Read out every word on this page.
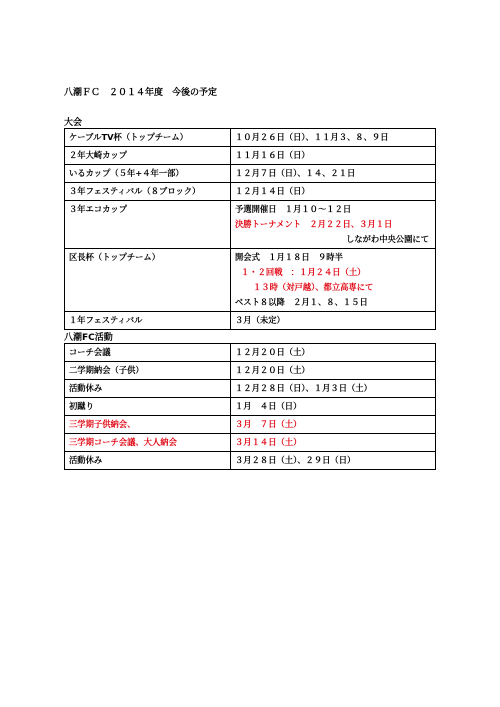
八潮ＦＣ　２０１４年度　今後の予定
大会
ケーブルTV杯（トップチーム）	１０月２６日（日）、１１月３、８、９日
２年大崎カップ	１１月１６日（日）
いるカップ（５年+４年一部）	１２月７日（日）、１４、２１日
３年フェスティバル（８ブロック）	１２月１４日（日）
３年エコカップ	予選開催日　１月１０～１２日
決勝トーナメント　２月２２日、３月１日
しながわ中央公園にて

区長杯（トップチーム）	開会式　１月１８日　９時半
１・２回戦　：１月２４日（土）
１３時（対戸越）、都立高専にて
ベスト８以降　２月１、８、１５日

１年フェスティバル	３月（未定）
八潮FC活動
コーチ会議	１２月２０日（土）
二学期納会（子供）	１２月２０日（土）
活動休み	１２月２８日（日）、１月３日（土）
初蹴り	１月　４日（日）
三学期子供納会、	３月　７日（土）
三学期コーチ会議、大人納会	３月１４日（土）
活動休み	３月２８日（土）、２９日（日）
